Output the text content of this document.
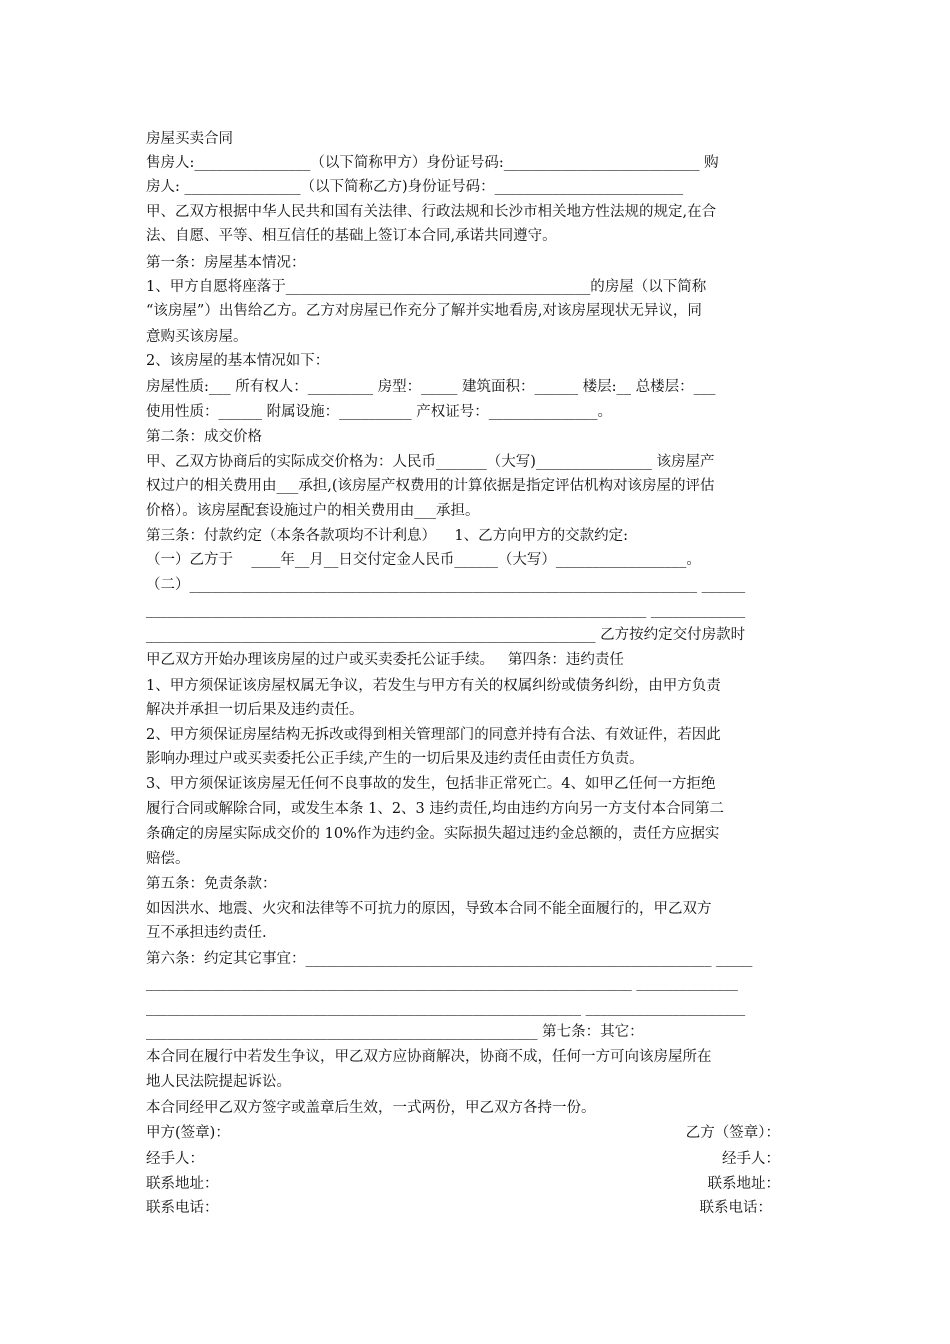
房屋买卖合同
售房人:________________（以下简称甲方）身份证号码:___________________________ 购
房人: ________________（以下简称乙方)身份证号码：__________________________
甲、乙双方根据中华人民共和国有关法律、行政法规和长沙市相关地方性法规的规定,在合
法、自愿、平等、相互信任的基础上签订本合同,承诺共同遵守。
第一条：房屋基本情况：
1、甲方自愿将座落于__________________________________________的房屋（以下简称
“该房屋”）出售给乙方。乙方对房屋已作充分了解并实地看房,对该房屋现状无异议，同
意购买该房屋。
2、该房屋的基本情况如下：
房屋性质:___ 所有权人：_________ 房型：_____ 建筑面积：______ 楼层:__ 总楼层：___
使用性质：______ 附属设施：__________ 产权证号：_______________。
第二条：成交价格
甲、乙双方协商后的实际成交价格为：人民币_______（大写)________________ 该房屋产
权过户的相关费用由___承担,(该房屋产权费用的计算依据是指定评估机构对该房屋的评估
价格）。该房屋配套设施过户的相关费用由___承担。
第三条：付款约定（本条各款项均不计利息）    1、乙方向甲方的交款约定:
（一）乙方于    ____年__月__日交付定金人民币______（大写）__________________。
（二）______________________________________________________________________ ______
_____________________________________________________________________ _____________
______________________________________________________________ 乙方按约定交付房款时
甲乙双方开始办理该房屋的过户或买卖委托公证手续。   第四条：违约责任
1、甲方须保证该房屋权属无争议，若发生与甲方有关的权属纠纷或债务纠纷，由甲方负责
解决并承担一切后果及违约责任。
2、甲方须保证房屋结构无拆改或得到相关管理部门的同意并持有合法、有效证件，若因此
影响办理过户或买卖委托公正手续,产生的一切后果及违约责任由责任方负责。
3、甲方须保证该房屋无任何不良事故的发生，包括非正常死亡。4、如甲乙任何一方拒绝
履行合同或解除合同，或发生本条 1、2、3 违约责任,均由违约方向另一方支付本合同第二
条确定的房屋实际成交价的 10%作为违约金。实际损失超过违约金总额的，责任方应据实
赔偿。
第五条：免责条款：
如因洪水、地震、火灾和法律等不可抗力的原因，导致本合同不能全面履行的，甲乙双方
互不承担违约责任.
第六条：约定其它事宜：________________________________________________________ _____
___________________________________________________________________ ______________
____________________________________________________________ ______________________
______________________________________________________ 第七条：其它：
本合同在履行中若发生争议，甲乙双方应协商解决，协商不成，任何一方可向该房屋所在
地人民法院提起诉讼。
本合同经甲乙双方签字或盖章后生效，一式两份，甲乙双方各持一份。
甲方(签章)：
经手人：
联系地址：
联系电话：
乙方（签章）：
经手人：
联系地址：
联系电话：
